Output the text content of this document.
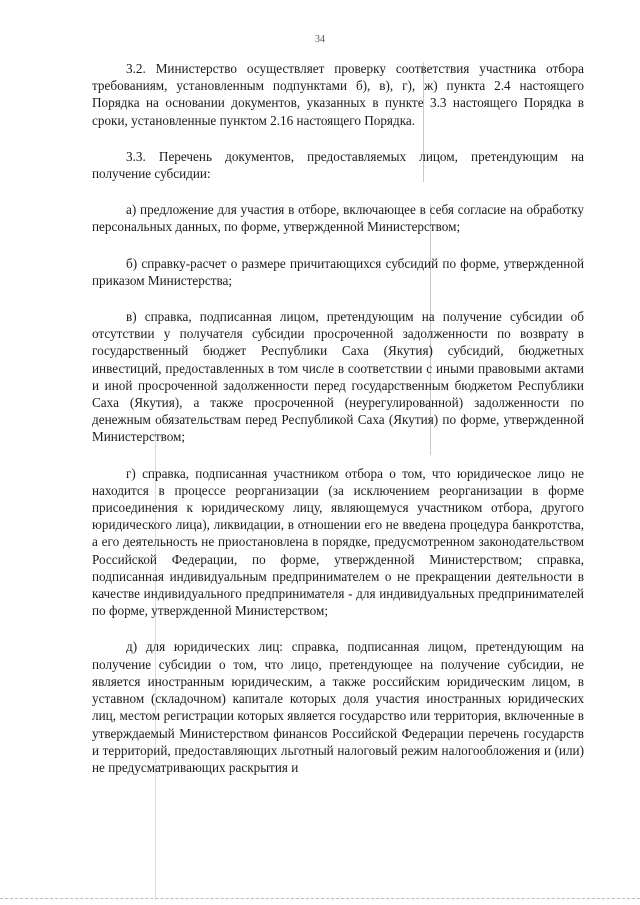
34

3.2. Министерство осуществляет проверку соответствия участника отбора требованиям, установленным подпунктами б), в), г), ж) пункта 2.4 настоящего Порядка на основании документов, указанных в пункте 3.3 настоящего Порядка в сроки, установленные пунктом 2.16 настоящего Порядка.

3.3. Перечень документов, предоставляемых лицом, претендующим на получение субсидии:

а) предложение для участия в отборе, включающее в себя согласие на обработку персональных данных, по форме, утвержденной Министерством;

б) справку-расчет о размере причитающихся субсидий по форме, утвержденной приказом Министерства;

в) справка, подписанная лицом, претендующим на получение субсидии об отсутствии у получателя субсидии просроченной задолженности по возврату в государственный бюджет Республики Саха (Якутия) субсидий, бюджетных инвестиций, предоставленных в том числе в соответствии с иными правовыми актами и иной просроченной задолженности перед государственным бюджетом Республики Саха (Якутия), а также просроченной (неурегулированной) задолженности по денежным обязательствам перед Республикой Саха (Якутия) по форме, утвержденной Министерством;

г) справка, подписанная участником отбора о том, что юридическое лицо не находится в процессе реорганизации (за исключением реорганизации в форме присоединения к юридическому лицу, являющемуся участником отбора, другого юридического лица), ликвидации, в отношении его не введена процедура банкротства, а его деятельность не приостановлена в порядке, предусмотренном законодательством Российской Федерации, по форме, утвержденной Министерством; справка, подписанная индивидуальным предпринимателем о не прекращении деятельности в качестве индивидуального предпринимателя - для индивидуальных предпринимателей по форме, утвержденной Министерством;

д) для юридических лиц: справка, подписанная лицом, претендующим на получение субсидии о том, что лицо, претендующее на получение субсидии, не является иностранным юридическим, а также российским юридическим лицом, в уставном (складочном) капитале которых доля участия иностранных юридических лиц, местом регистрации которых является государство или территория, включенные в утверждаемый Министерством финансов Российской Федерации перечень государств и территорий, предоставляющих льготный налоговый режим налогообложения и (или) не предусматривающих раскрытия и
